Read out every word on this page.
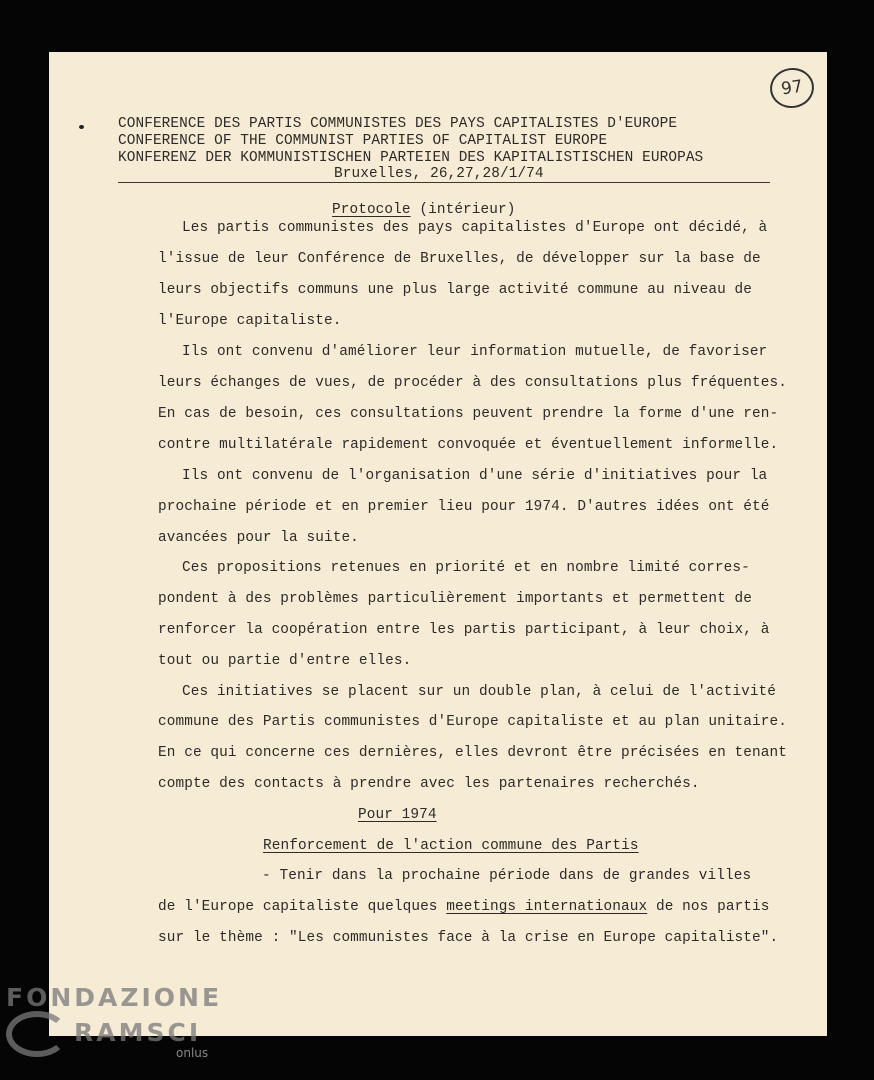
97
CONFERENCE DES PARTIS COMMUNISTES DES PAYS CAPITALISTES D'EUROPE
CONFERENCE OF THE COMMUNIST PARTIES OF CAPITALIST EUROPE
KONFERENZ DER KOMMUNISTISCHEN PARTEIEN DES KAPITALISTISCHEN EUROPAS
Bruxelles, 26,27,28/1/74
Protocole (intérieur)
Les partis communistes des pays capitalistes d'Europe ont décidé, à
l'issue de leur Conférence de Bruxelles, de développer sur la base de
leurs objectifs communs une plus large activité commune au niveau de
l'Europe capitaliste.
Ils ont convenu d'améliorer leur information mutuelle, de favoriser
leurs échanges de vues, de procéder à des consultations plus fréquentes.
En cas de besoin, ces consultations peuvent prendre la forme d'une ren-
contre multilatérale rapidement convoquée et éventuellement informelle.
Ils ont convenu de l'organisation d'une série d'initiatives pour la
prochaine période et en premier lieu pour 1974. D'autres idées ont été
avancées pour la suite.
Ces propositions retenues en priorité et en nombre limité corres-
pondent à des problèmes particulièrement importants et permettent de
renforcer la coopération entre les partis participant, à leur choix, à
tout ou partie d'entre elles.
Ces initiatives se placent sur un double plan, à celui de l'activité
commune des Partis communistes d'Europe capitaliste et au plan unitaire.
En ce qui concerne ces dernières, elles devront être précisées en tenant
compte des contacts à prendre avec les partenaires recherchés.
Pour 1974
Renforcement de l'action commune des Partis
- Tenir dans la prochaine période dans de grandes villes
de l'Europe capitaliste quelques meetings internationaux de nos partis
sur le thème : "Les communistes face à la crise en Europe capitaliste".
FONDAZIONE
RAMSCI
onlus
